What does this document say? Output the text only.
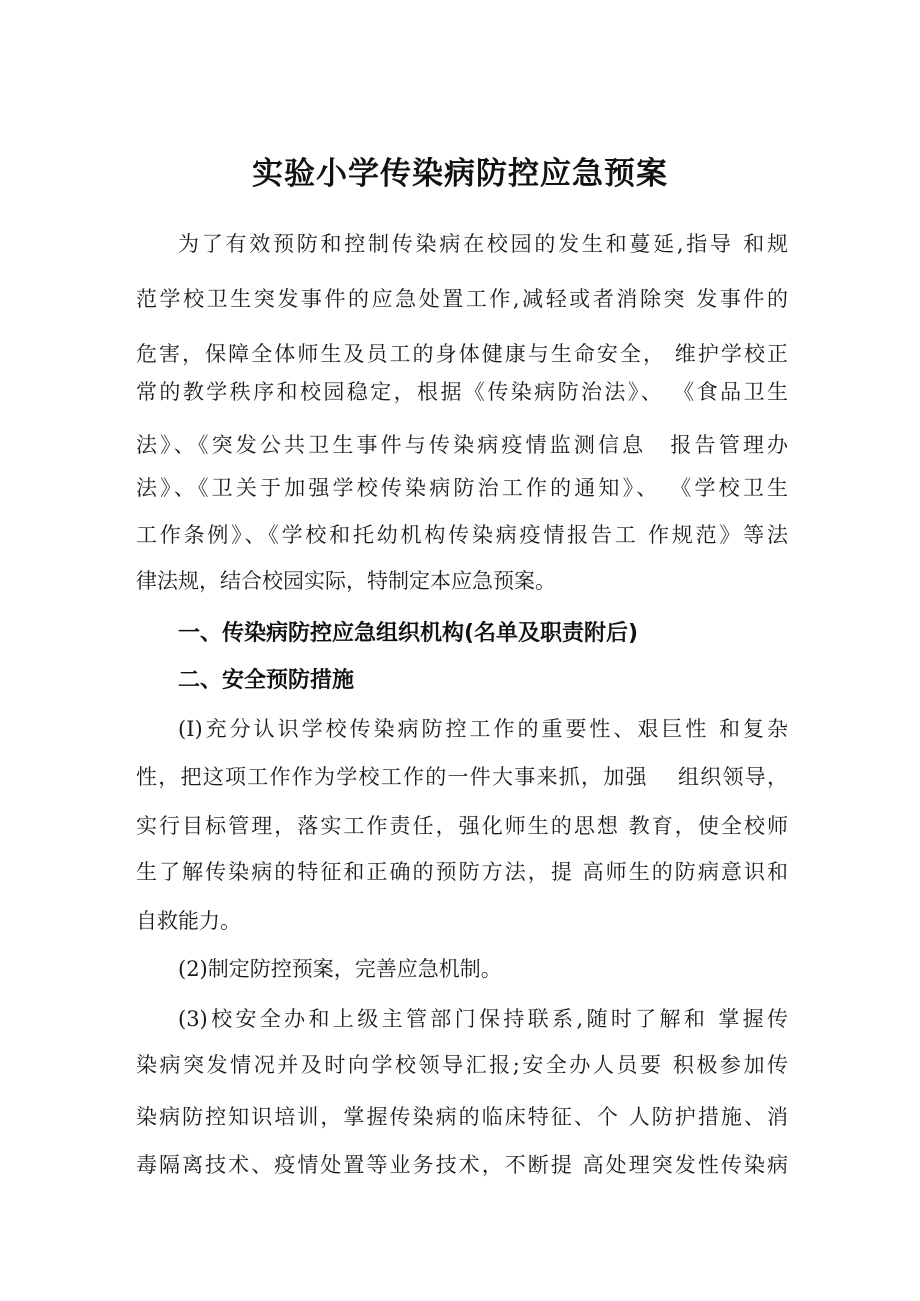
实验小学传染病防控应急预案
为了有效预防和控制传染病在校园的发生和蔓延,指导 和规
范学校卫生突发事件的应急处置工作,减轻或者消除突 发事件的
危害，保障全体师生及员工的身体健康与生命安全， 维护学校正
常的教学秩序和校园稳定，根据《传染病防治法》、 《食品卫生
法》、《突发公共卫生事件与传染病疫情监测信息　报告管理办
法》、《卫关于加强学校传染病防治工作的通知》、 《学校卫生
工作条例》、《学校和托幼机构传染病疫情报告工 作规范》等法
律法规，结合校园实际，特制定本应急预案。
一、传染病防控应急组织机构(名单及职责附后)
二、安全预防措施
(I)充分认识学校传染病防控工作的重要性、艰巨性 和复杂
性，把这项工作作为学校工作的一件大事来抓，加强　 组织领导，
实行目标管理，落实工作责任，强化师生的思想 教育，使全校师
生了解传染病的特征和正确的预防方法，提 高师生的防病意识和
自救能力。
(2)制定防控预案，完善应急机制。
(3)校安全办和上级主管部门保持联系,随时了解和 掌握传
染病突发情况并及时向学校领导汇报;安全办人员要 积极参加传
染病防控知识培训，掌握传染病的临床特征、个 人防护措施、消
毒隔离技术、疫情处置等业务技术，不断提 高处理突发性传染病
